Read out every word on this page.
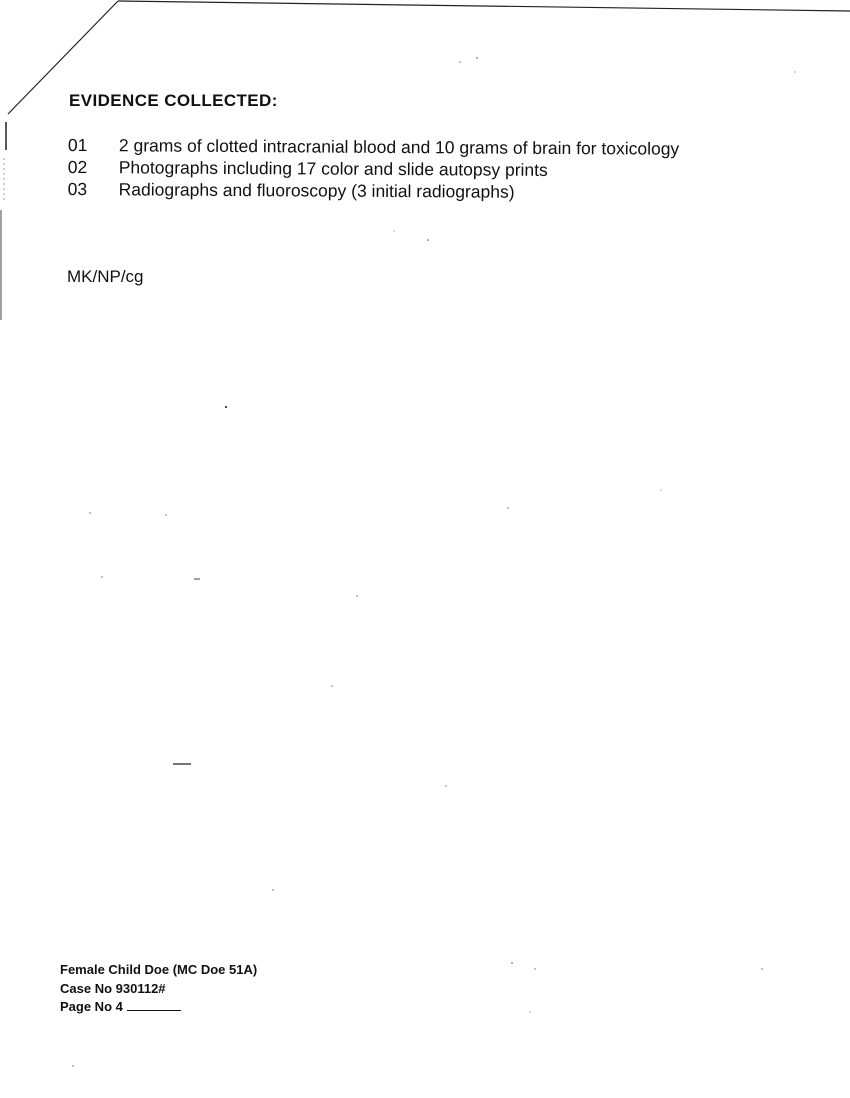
EVIDENCE COLLECTED:
01	2 grams of clotted intracranial blood and 10 grams of brain for toxicology
02	Photographs including 17 color and slide autopsy prints
03	Radiographs and fluoroscopy (3 initial radiographs)

MK/NP/cg

Female Child Doe (MC Doe 51A)
Case No 930112#
Page No 4
